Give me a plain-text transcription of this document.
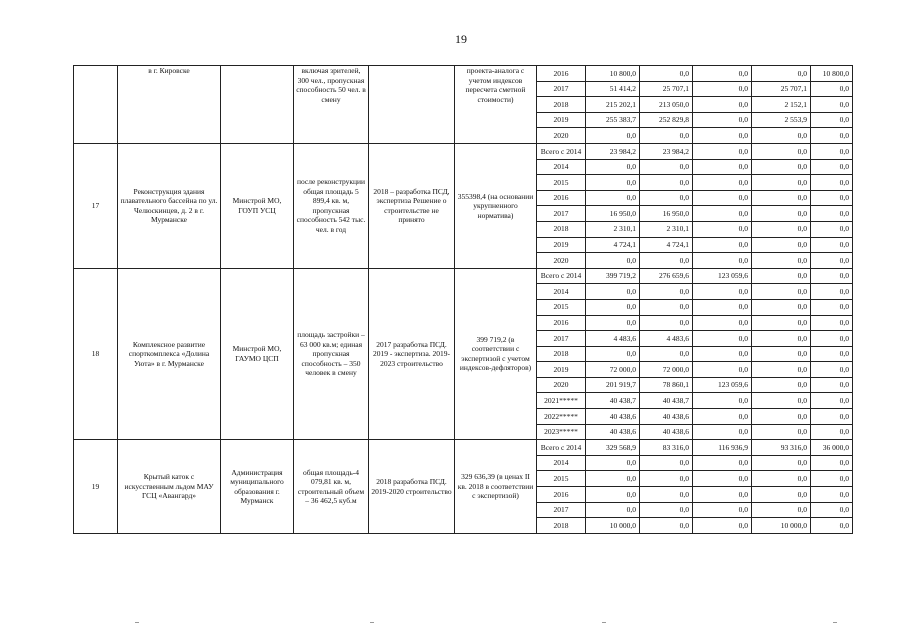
19
	в г. Кировске		включая зрителей, 300 чел., пропускная способность 50 чел. в смену		проекта-аналога с учетом индексов пересчета сметной стоимости)	2016	10 800,0	0,0	0,0	0,0	10 800,0
						2017	51 414,2	25 707,1	0,0	25 707,1	0,0
						2018	215 202,1	213 050,0	0,0	2 152,1	0,0
						2019	255 383,7	252 829,8	0,0	2 553,9	0,0
						2020	0,0	0,0	0,0	0,0	0,0
17	Реконструкция здания плавательного бассейна по ул. Челюскинцев, д. 2 в г. Мурманске	Минстрой МО, ГОУП УСЦ	после реконструкции общая площадь 5 899,4 кв. м, пропускная способность 542 тыс. чел. в год	2018 – разработка ПСД, экспертиза Решение о строительстве не принято	355398,4 (на основании укрупненного норматива)	Всего с 2014	23 984,2	23 984,2	0,0	0,0	0,0
						2014	0,0	0,0	0,0	0,0	0,0
						2015	0,0	0,0	0,0	0,0	0,0
						2016	0,0	0,0	0,0	0,0	0,0
						2017	16 950,0	16 950,0	0,0	0,0	0,0
						2018	2 310,1	2 310,1	0,0	0,0	0,0
						2019	4 724,1	4 724,1	0,0	0,0	0,0
						2020	0,0	0,0	0,0	0,0	0,0
18	Комплексное развитие спорткомплекса «Долина Уюта» в г. Мурманске	Минстрой МО, ГАУМО ЦСП	площадь застройки – 63 000 кв.м; единая пропускная способность – 350 человек в смену	2017 разработка ПСД. 2019 - экспертиза. 2019-2023 строительство	399 719,2 (в соответствии с экспертизой с учетом индексов-дефляторов)	Всего с 2014	399 719,2	276 659,6	123 059,6	0,0	0,0
						2014	0,0	0,0	0,0	0,0	0,0
						2015	0,0	0,0	0,0	0,0	0,0
						2016	0,0	0,0	0,0	0,0	0,0
						2017	4 483,6	4 483,6	0,0	0,0	0,0
						2018	0,0	0,0	0,0	0,0	0,0
						2019	72 000,0	72 000,0	0,0	0,0	0,0
						2020	201 919,7	78 860,1	123 059,6	0,0	0,0
						2021*****	40 438,7	40 438,7	0,0	0,0	0,0
						2022*****	40 438,6	40 438,6	0,0	0,0	0,0
						2023*****	40 438,6	40 438,6	0,0	0,0	0,0
19	Крытый каток с искусственным льдом МАУ ГСЦ «Авангард»	Администрация муниципального образования г. Мурманск	общая площадь-4 079,81 кв. м, строительный объем – 36 462,5 куб.м	2018 разработка ПСД. 2019-2020 строительство	329 636,39 (в ценах II кв. 2018 в соответствии с экспертизой)	Всего с 2014	329 568,9	83 316,0	116 936,9	93 316,0	36 000,0
						2014	0,0	0,0	0,0	0,0	0,0
						2015	0,0	0,0	0,0	0,0	0,0
						2016	0,0	0,0	0,0	0,0	0,0
						2017	0,0	0,0	0,0	0,0	0,0
						2018	10 000,0	0,0	0,0	10 000,0	0,0
